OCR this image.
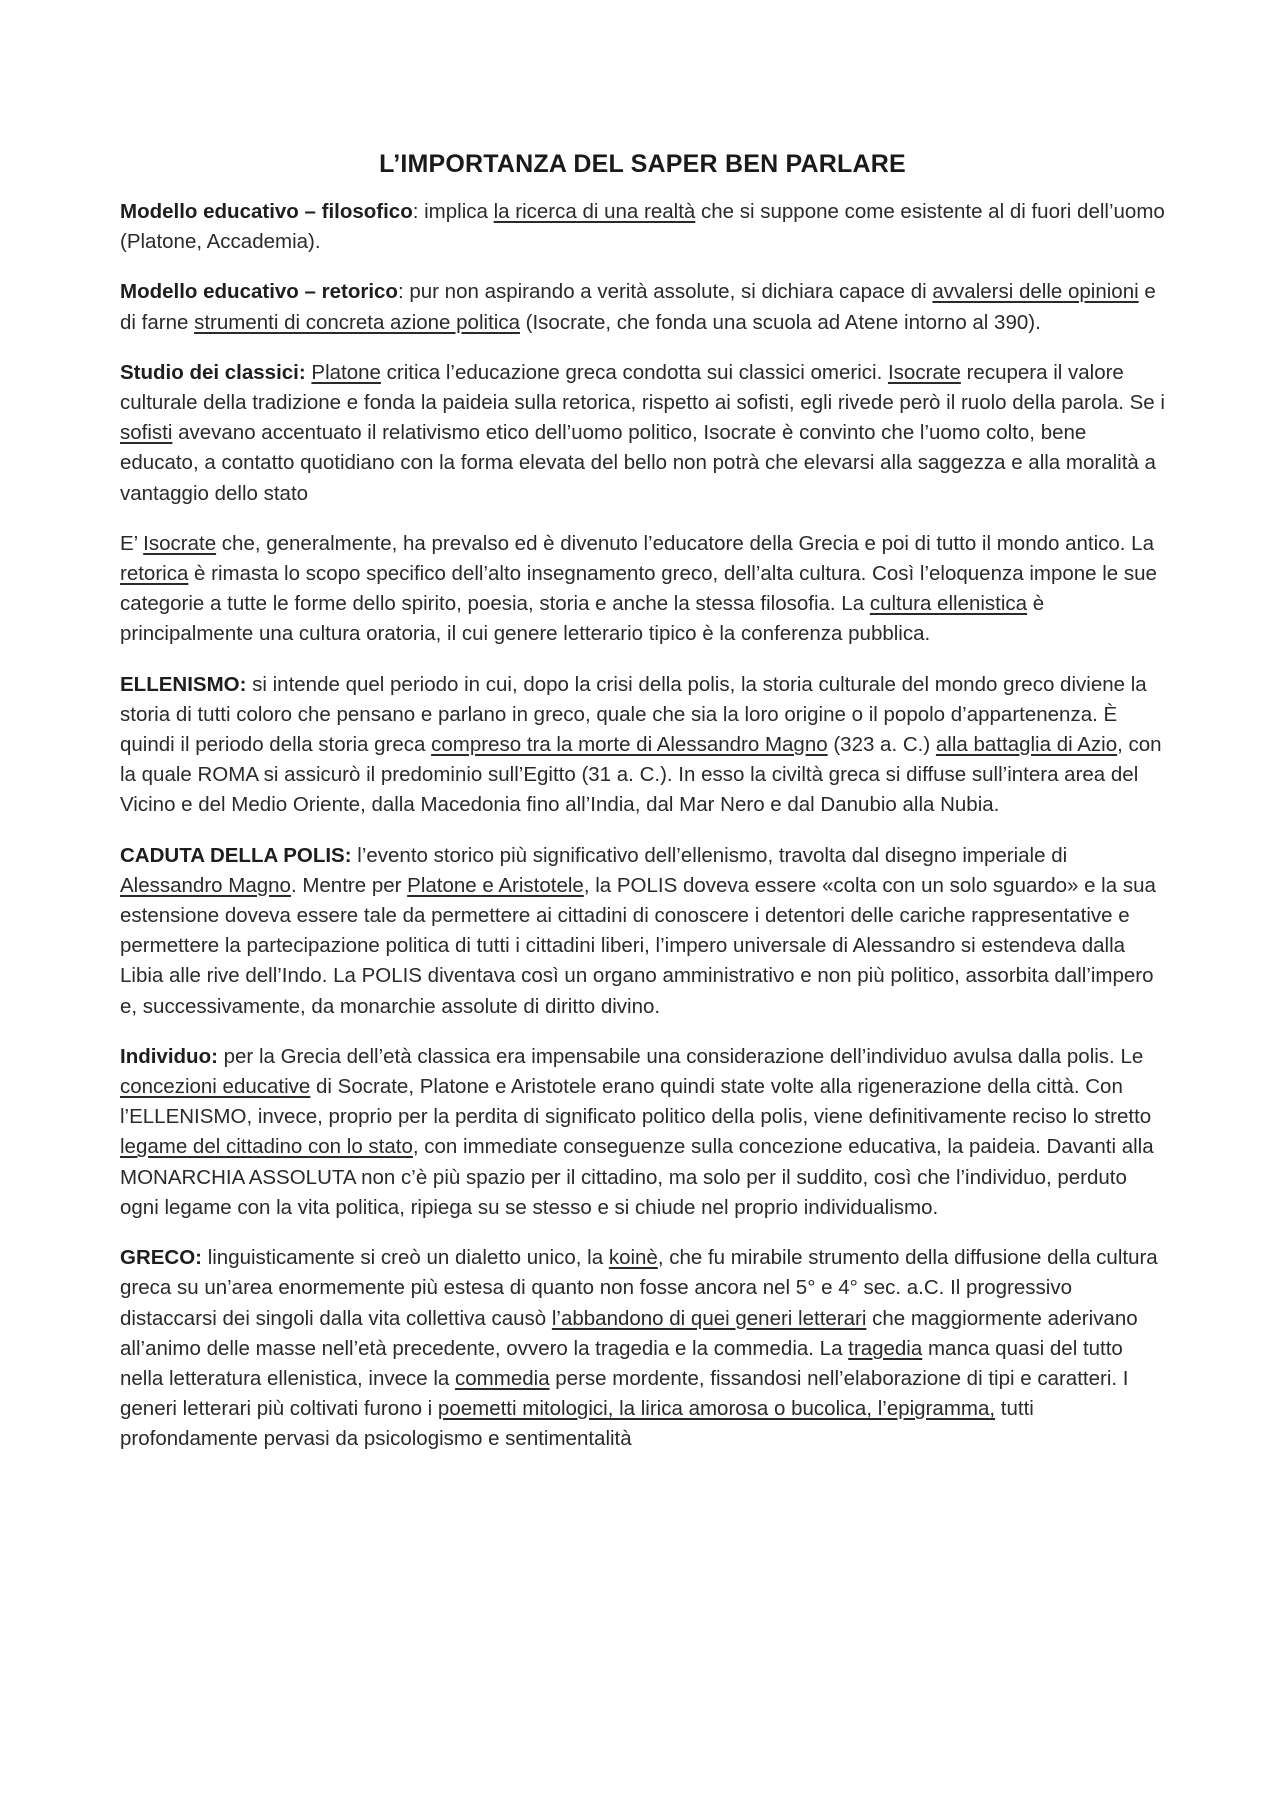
L’IMPORTANZA DEL SAPER BEN PARLARE

Modello educativo – filosofico: implica la ricerca di una realtà che si suppone come esistente al di fuori dell’uomo (Platone, Accademia).

Modello educativo – retorico: pur non aspirando a verità assolute, si dichiara capace di avvalersi delle opinioni e di farne strumenti di concreta azione politica (Isocrate, che fonda una scuola ad Atene intorno al 390).

Studio dei classici: Platone critica l’educazione greca condotta sui classici omerici. Isocrate recupera il valore culturale della tradizione e fonda la paideia sulla retorica, rispetto ai sofisti, egli rivede però il ruolo della parola. Se i sofisti avevano accentuato il relativismo etico dell’uomo politico, Isocrate è convinto che l’uomo colto, bene educato, a contatto quotidiano con la forma elevata del bello non potrà che elevarsi alla saggezza e alla moralità a vantaggio dello stato

E’ Isocrate che, generalmente, ha prevalso ed è divenuto l’educatore della Grecia e poi di tutto il mondo antico. La retorica è rimasta lo scopo specifico dell’alto insegnamento greco, dell’alta cultura. Così l’eloquenza impone le sue categorie a tutte le forme dello spirito, poesia, storia e anche la stessa filosofia. La cultura ellenistica è principalmente una cultura oratoria, il cui genere letterario tipico è la conferenza pubblica.

ELLENISMO: si intende quel periodo in cui, dopo la crisi della polis, la storia culturale del mondo greco diviene la storia di tutti coloro che pensano e parlano in greco, quale che sia la loro origine o il popolo d’appartenenza. È quindi il periodo della storia greca compreso tra la morte di Alessandro Magno (323 a. C.) alla battaglia di Azio, con la quale ROMA si assicurò il predominio sull’Egitto (31 a. C.). In esso la civiltà greca si diffuse sull’intera area del Vicino e del Medio Oriente, dalla Macedonia fino all’India, dal Mar Nero e dal Danubio alla Nubia.

CADUTA DELLA POLIS: l’evento storico più significativo dell’ellenismo, travolta dal disegno imperiale di Alessandro Magno. Mentre per Platone e Aristotele, la POLIS doveva essere «colta con un solo sguardo» e la sua estensione doveva essere tale da permettere ai cittadini di conoscere i detentori delle cariche rappresentative e permettere la partecipazione politica di tutti i cittadini liberi, l’impero universale di Alessandro si estendeva dalla Libia alle rive dell’Indo. La POLIS diventava così un organo amministrativo e non più politico, assorbita dall’impero e, successivamente, da monarchie assolute di diritto divino.

Individuo: per la Grecia dell’età classica era impensabile una considerazione dell’individuo avulsa dalla polis. Le concezioni educative di Socrate, Platone e Aristotele erano quindi state volte alla rigenerazione della città. Con l’ELLENISMO, invece, proprio per la perdita di significato politico della polis, viene definitivamente reciso lo stretto legame del cittadino con lo stato, con immediate conseguenze sulla concezione educativa, la paideia. Davanti alla MONARCHIA ASSOLUTA non c’è più spazio per il cittadino, ma solo per il suddito, così che l’individuo, perduto ogni legame con la vita politica, ripiega su se stesso e si chiude nel proprio individualismo.

GRECO: linguisticamente si creò un dialetto unico, la koinè, che fu mirabile strumento della diffusione della cultura greca su un’area enormemente più estesa di quanto non fosse ancora nel 5° e 4° sec. a.C. Il progressivo distaccarsi dei singoli dalla vita collettiva causò l’abbandono di quei generi letterari che maggiormente aderivano all’animo delle masse nell’età precedente, ovvero la tragedia e la commedia. La tragedia manca quasi del tutto nella letteratura ellenistica, invece la commedia perse mordente, fissandosi nell’elaborazione di tipi e caratteri. I generi letterari più coltivati furono i poemetti mitologici, la lirica amorosa o bucolica, l’epigramma, tutti profondamente pervasi da psicologismo e sentimentalità
